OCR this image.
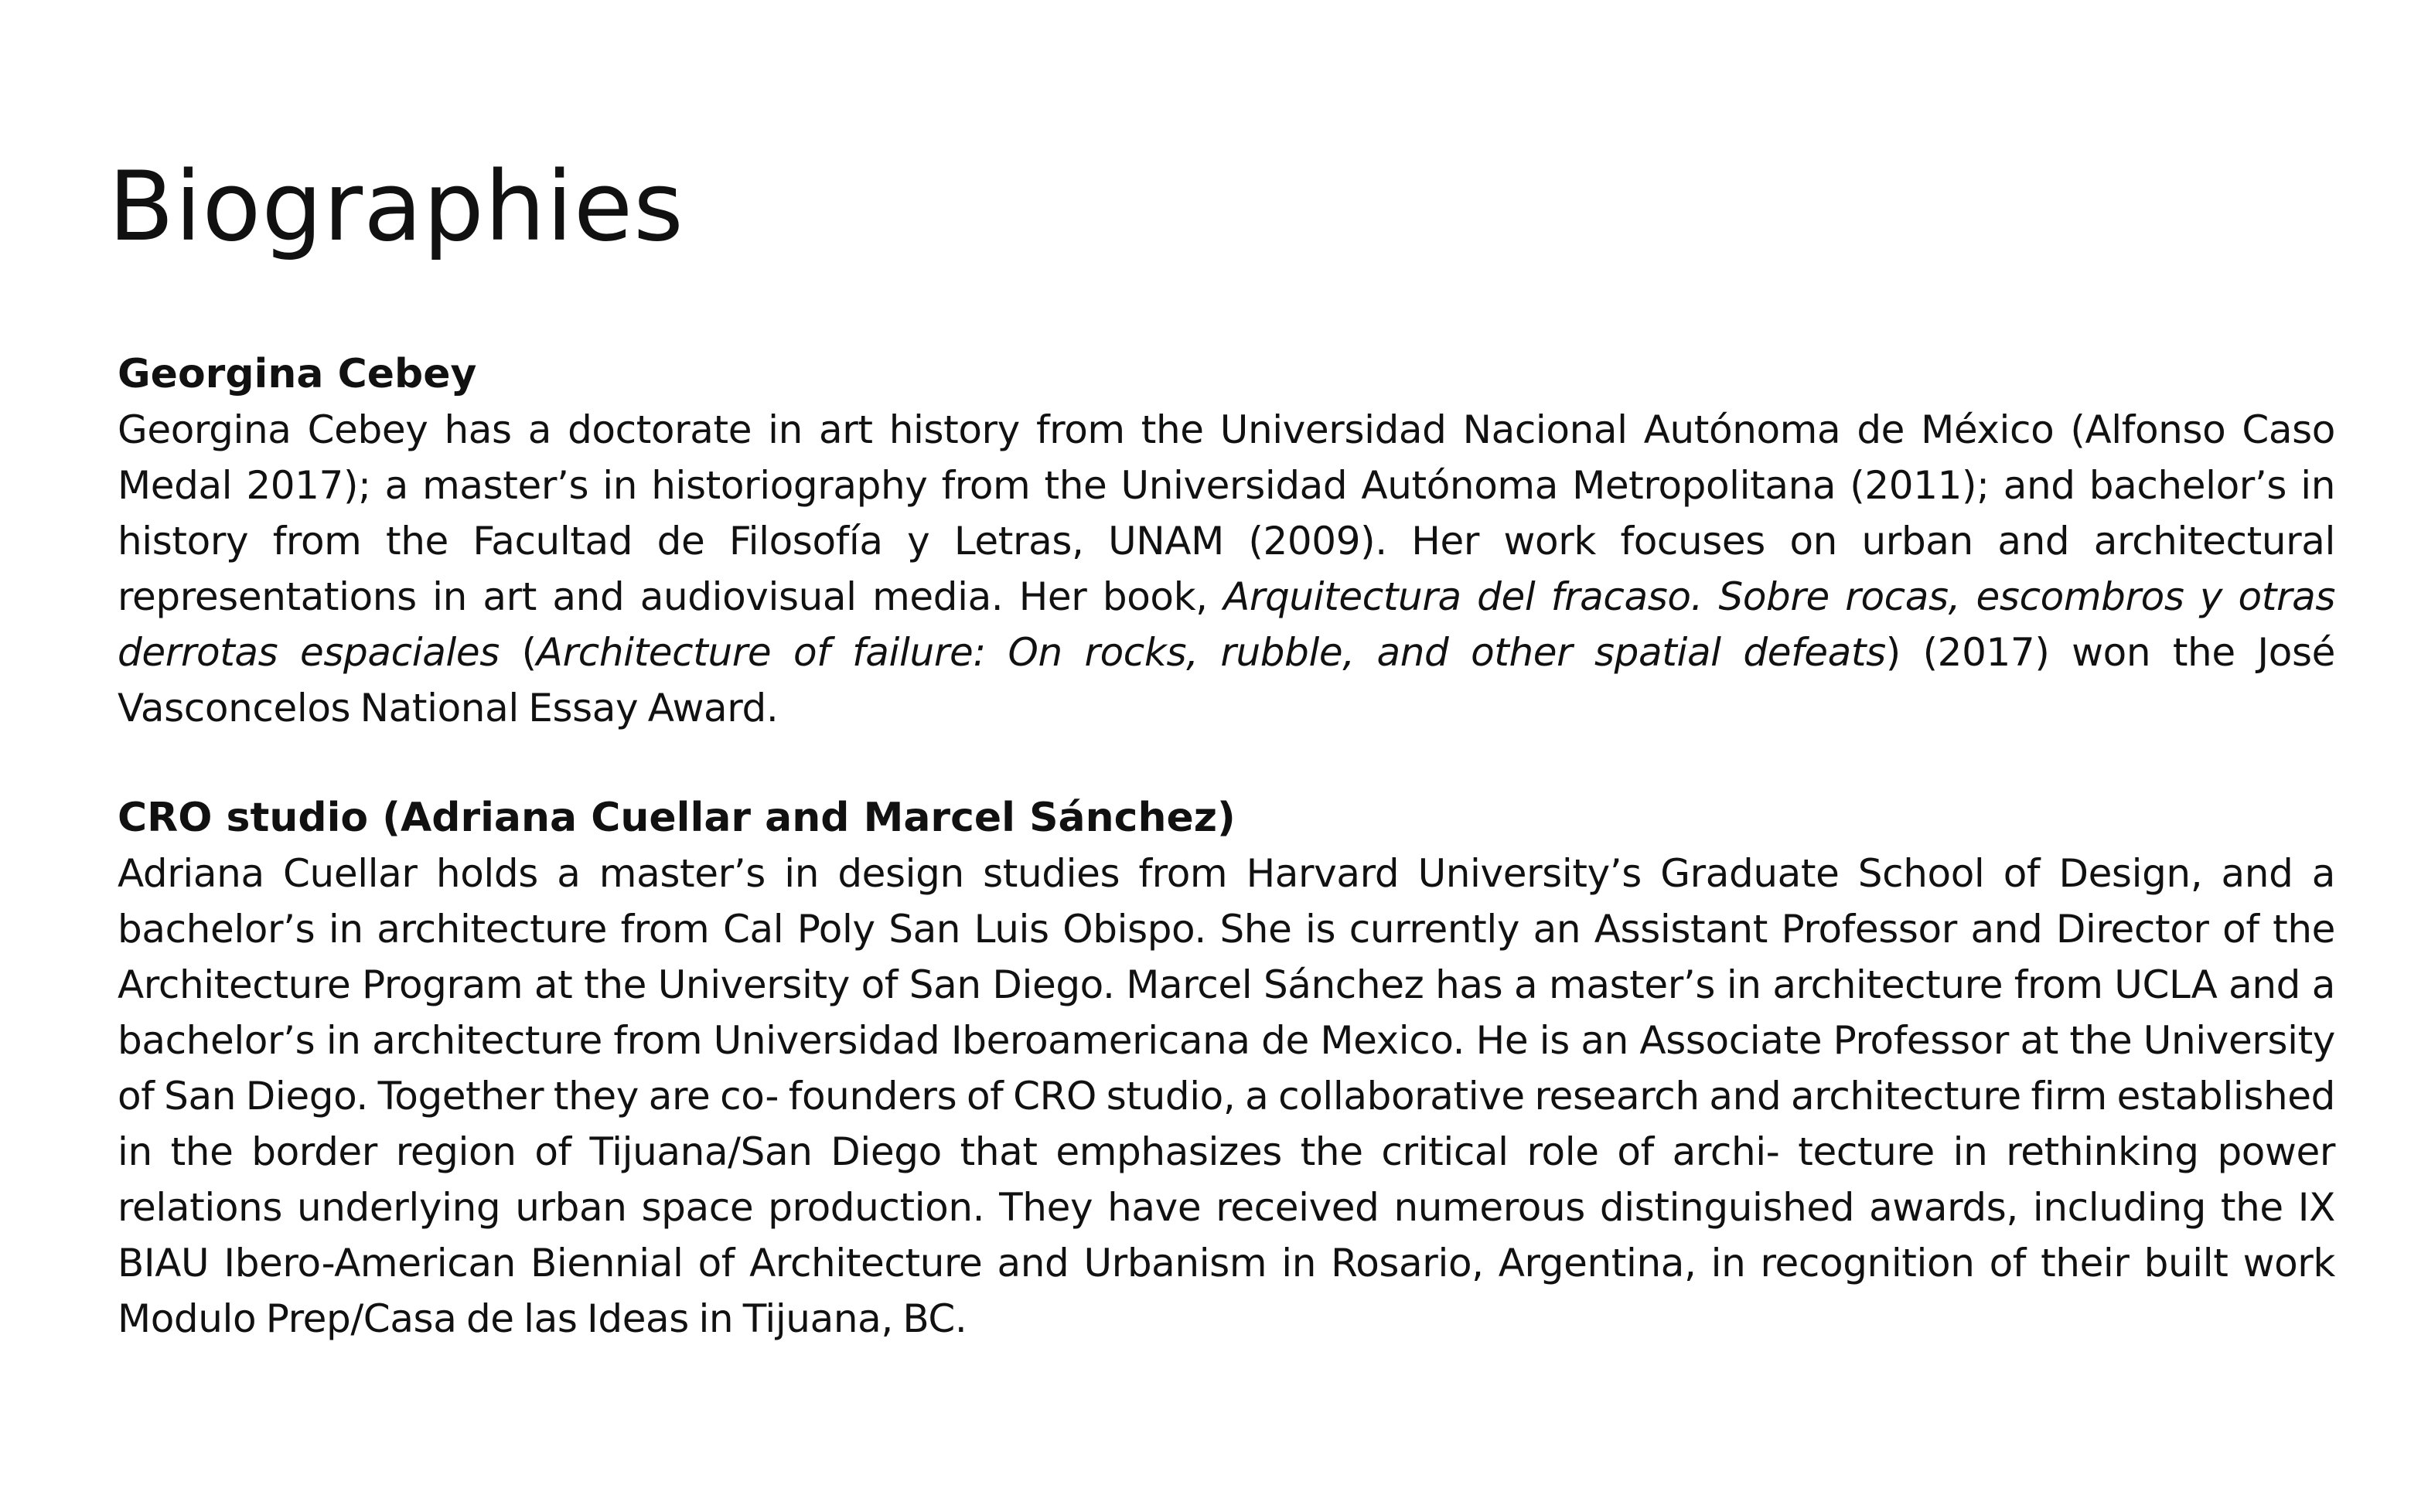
Biographies
Georgina Cebey

Georgina Cebey has a doctorate in art history from the Universidad Nacional Autónoma de México (Alfonso Caso Medal 2017); a master’s in historiography from the Universidad Autónoma Metropolitana (2011); and bachelor’s in history from the Facultad de Filosofía y Letras, UNAM (2009). Her work focuses on urban and architectural representations in art and audiovisual media. Her book, Arquitectura del fracaso. Sobre rocas, escombros y otras derrotas espaciales (Architecture of failure: On rocks, rubble, and other spatial defeats) (2017) won the José Vasconcelos National Essay Award.

CRO studio (Adriana Cuellar and Marcel Sánchez)

Adriana Cuellar holds a master’s in design studies from Harvard University’s Graduate School of Design, and a bachelor’s in architecture from Cal Poly San Luis Obispo. She is currently an Assistant Professor and Director of the Architecture Program at the University of San Diego. Marcel Sánchez has a master’s in architecture from UCLA and a bachelor’s in architecture from Universidad Iberoamericana de Mexico. He is an Associate Professor at the University of San Diego. Together they are co- founders of CRO studio, a collaborative research and architecture firm established in the border region of Tijuana/San Diego that emphasizes the critical role of archi- tecture in rethinking power relations underlying urban space production. They have received numerous distinguished awards, including the IX BIAU Ibero-American Biennial of Architecture and Urbanism in Rosario, Argentina, in recognition of their built work Modulo Prep/Casa de las Ideas in Tijuana, BC.
